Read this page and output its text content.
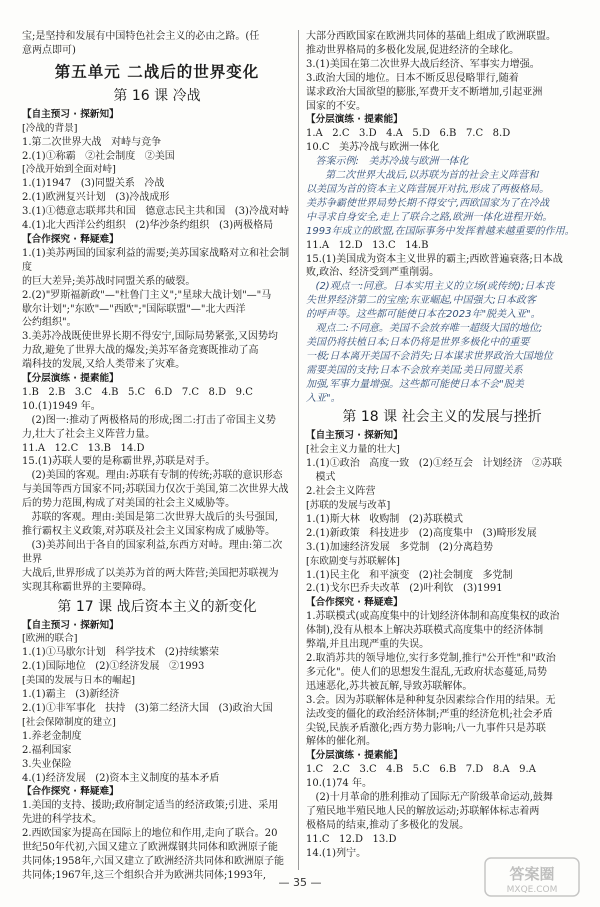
宝;是坚持和发展有中国特色社会主义的必由之路。(任
意两点即可)
第五单元 二战后的世界变化
第 16 课 冷战
【自主预习 · 探新知】
[冷战的背景]
1.第二次世界大战   对峙与竞争
2.(1)①称霸   ②社会制度   ②美国
[冷战开始到全面对峙]
1.(1)1947   (3)同盟关系   冷战
2.(1)欧洲复兴计划   (3)冷战成形
3.(1)①德意志联邦共和国   德意志民主共和国   (3)冷战对峙
4.(1)北大西洋公约组织   (2)华沙条约组织   (3)两极格局
【合作探究 · 释疑难】
1.(1)美苏两国的国家利益的需要;美苏国家战略对立和社会制度
的巨大差异;美苏战时同盟关系的破裂。
2.(2)"罗斯福新政"—"杜鲁门主义";"星球大战计划"—"马
歇尔计划";"东欧"—"西欧";"国际联盟"—"北大西洋
公约组织"。
3.美苏冷战既使世界长期不得安宁,国际局势紧张,又因势均
力敌,避免了世界大战的爆发;美苏军备竞赛既推动了高
端科技的发展,又给人类带来了灾难。
【分层演练 · 提素能】
1.B   2.B   3.C   4.B   5.C   6.D   7.C   8.D   9.C
10.(1)1949 年。
(2)图一:推动了两极格局的形成;图二:打击了帝国主义势
力,壮大了社会主义阵营力量。
11.A   12.C   13.B   14.D
15.(1)苏联人要的是称霸世界,苏联是对手。
(2)美国的客观。理由:苏联有专制的传统;苏联的意识形态
与美国等西方国家不同;苏联国力仅次于美国,第二次世界大战
后的势力范围,构成了对美国的社会主义威胁等。
苏联的客观。理由:美国是第二次世界大战后的头号强国,
推行霸权主义政策,对苏联及社会主义国家构成了威胁等。
(3)美苏间出于各自的国家利益,东西方对峙。理由:第二次世界
大战后,世界形成了以美苏为首的两大阵营;美国把苏联视为
实现其称霸世界的主要障碍。
第 17 课 战后资本主义的新变化
【自主预习 · 探新知】
[欧洲的联合]
1.(1)①马歇尔计划   科学技术   (2)持续繁荣
2.(1)国际地位   (2)①经济发展   ②1993
[美国的发展与日本的崛起]
1.(1)霸主   (3)新经济
2.(1)①非军事化   扶持   (3)第二经济大国   (3)政治大国
[社会保障制度的建立]
1.养老金制度
2.福利国家
3.失业保险
4.(1)经济发展   (2)资本主义制度的基本矛盾
【合作探究 · 释疑难】
1.美国的支持、援助;政府制定适当的经济政策;引进、采用
先进的科学技术。
2.西欧国家为提高在国际上的地位和作用,走向了联合。20
世纪50年代初,六国又建立了欧洲煤钢共同体和欧洲原子能
共同体;1958年,六国又建立了欧洲经济共同体和欧洲原子能
共同体;1967年,这三个组织合并为欧洲共同体;1993年,
大部分西欧国家在欧洲共同体的基础上组成了欧洲联盟。
推动世界格局的多极化发展,促进经济的全球化。
3.(1)美国在第二次世界大战后经济、军事实力增强。
3.政治大国的地位。日本不断反思侵略罪行,随着
谋求政治大国欲望的膨胀,军费开支不断增加,引起亚洲
国家的不安。
【分层演练 · 提素能】
1.A   2.C   3.D   4.A   5.D   6.B   7.C   8.D
10.C   美苏冷战与欧洲一体化
答案示例:   美苏冷战与欧洲一体化
第二次世界大战后,以苏联为首的社会主义阵营和
以美国为首的资本主义阵营展开对抗,形成了两极格局。
美苏争霸使世界局势长期不得安宁,西欧国家为了在冷战
中寻求自身安全,走上了联合之路,欧洲一体化进程开始。
1993年成立的欧盟,在国际事务中发挥着越来越重要的作用。
11.A   12.D   13.C   14.B
15.(1)美国成为资本主义世界的霸主;西欧普遍衰落;日本战
败,政治、经济受到严重削弱。
(2)观点一:同意。日本实用主义的立场(或传统);日本丧
失世界经济第二的宝座;东亚崛起,中国强大;日本政客
的呼声等。这些都可能使日本在2023年"脱美入亚"。
观点二:不同意。美国不会放弃唯一超级大国的地位;
美国仍将扶植日本;日本仍将是世界多极化中的重要
一极;日本离开美国不会消失;日本谋求世界政治大国地位
需要美国的支持;日本不会放弃美国;美日同盟关系
加强,军事力量增强。这些都可能使日本不会"脱美
入亚"。
第 18 课 社会主义的发展与挫折
【自主预习 · 探新知】
[社会主义力量的壮大]
1.(1)①政治   高度一致   (2)①经互会   计划经济   ②苏联
模式
2.社会主义阵营
[苏联的发展与改革]
1.(1)斯大林   收购制   (2)苏联模式
2.(1)新政策   科技进步   (2)高度集中   (3)畸形发展
3.(1)加速经济发展   多党制   (2)分离趋势
[东欧剧变与苏联解体]
1.(1)民主化   和平演变   (2)社会制度   多党制
2.(1)戈尔巴乔夫改革   (2)叶利钦   (3)1991
【合作探究 · 释疑难】
1.苏联模式(或高度集中的计划经济体制和高度集权的政治
体制),没有从根本上解决苏联模式高度集中的经济体制
弊端,并且出现严重的失误。
2.取消苏共的领导地位,实行多党制,推行"公开性"和"政治
多元化"。使人们的思想发生混乱,无政府状态蔓延,局势
迅速恶化,苏共被瓦解,导致苏联解体。
3.会。因为苏联解体是种种复杂因素综合作用的结果。无
法改变的僵化的政治经济体制;严重的经济危机;社会矛盾
尖锐,民族矛盾激化;西方势力影响;八一九事件只是苏联
解体的催化剂。
【分层演练 · 提素能】
1.C   2.C   3.C   4.B   5.C   6.B   7.D   8.A   9.A
10.(1)74 年。
(2)十月革命的胜利推动了国际无产阶级革命运动,鼓舞
了殖民地半殖民地人民的解放运动;苏联解体标志着两
极格局的结束,推动了多极化的发展。
11.C   12.D   13.D
14.(1)列宁。
— 35 —	答案圈
MXQE.COM
